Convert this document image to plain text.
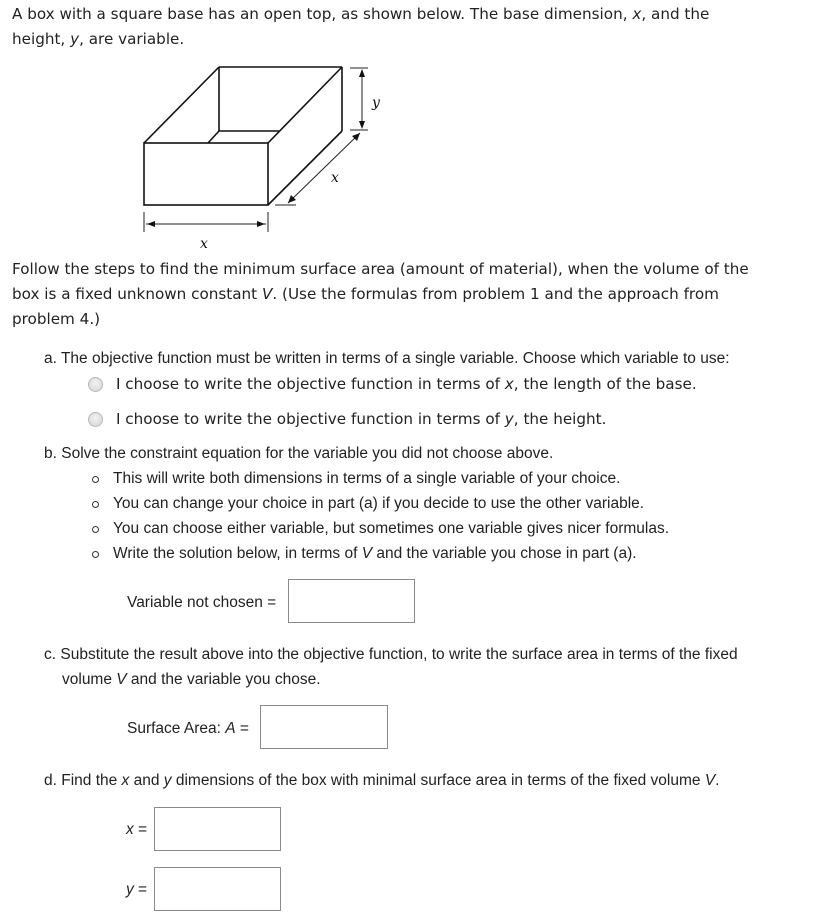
A box with a square base has an open top, as shown below. The base dimension, x, and the
height, y, are variable.

y
x
x

Follow the steps to find the minimum surface area (amount of material), when the volume of the
box is a fixed unknown constant V. (Use the formulas from problem 1 and the approach from
problem 4.)

a. The objective function must be written in terms of a single variable. Choose which variable to use:
I choose to write the objective function in terms of x, the length of the base.
I choose to write the objective function in terms of y, the height.
b. Solve the constraint equation for the variable you did not choose above.
This will write both dimensions in terms of a single variable of your choice.
You can change your choice in part (a) if you decide to use the other variable.
You can choose either variable, but sometimes one variable gives nicer formulas.
Write the solution below, in terms of V and the variable you chose in part (a).
Variable not chosen =
c. Substitute the result above into the objective function, to write the surface area in terms of the fixed
volume V and the variable you chose.
Surface Area: A =
d. Find the x and y dimensions of the box with minimal surface area in terms of the fixed volume V.
x =
y =
